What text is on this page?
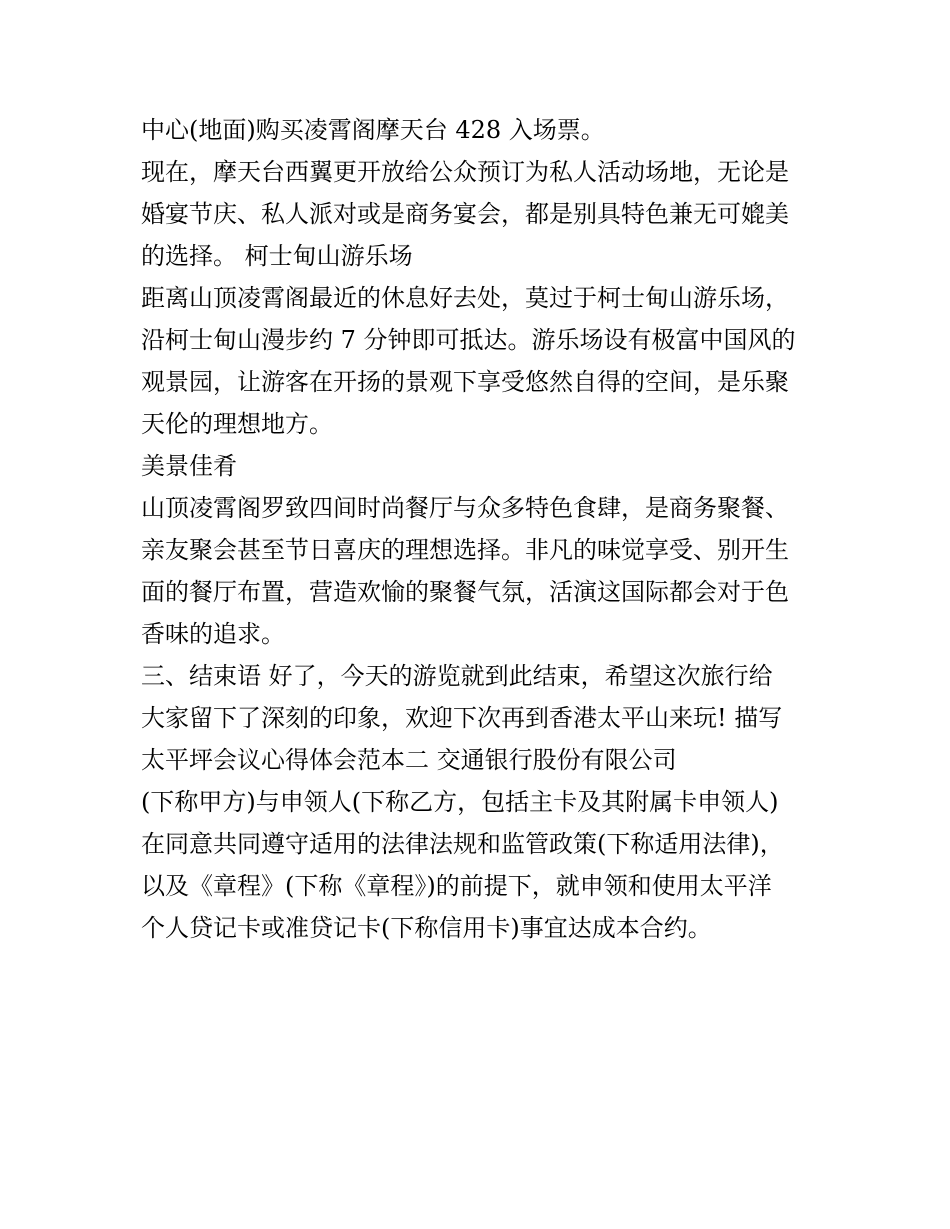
中心(地面)购买凌霄阁摩天台 428 入场票。
现在，摩天台西翼更开放给公众预订为私人活动场地，无论是
婚宴节庆、私人派对或是商务宴会，都是别具特色兼无可媲美
的选择。 柯士甸山游乐场
距离山顶凌霄阁最近的休息好去处，莫过于柯士甸山游乐场，
沿柯士甸山漫步约 7 分钟即可抵达。游乐场设有极富中国风的
观景园，让游客在开扬的景观下享受悠然自得的空间，是乐聚
天伦的理想地方。
美景佳肴
山顶凌霄阁罗致四间时尚餐厅与众多特色食肆，是商务聚餐、
亲友聚会甚至节日喜庆的理想选择。非凡的味觉享受、别开生
面的餐厅布置，营造欢愉的聚餐气氛，活演这国际都会对于色
香味的追求。
三、结束语 好了，今天的游览就到此结束，希望这次旅行给
大家留下了深刻的印象，欢迎下次再到香港太平山来玩! 描写
太平坪会议心得体会范本二 交通银行股份有限公司
(下称甲方)与申领人(下称乙方，包括主卡及其附属卡申领人)
在同意共同遵守适用的法律法规和监管政策(下称适用法律)，
以及《章程》(下称《章程》)的前提下，就申领和使用太平洋
个人贷记卡或准贷记卡(下称信用卡)事宜达成本合约。
